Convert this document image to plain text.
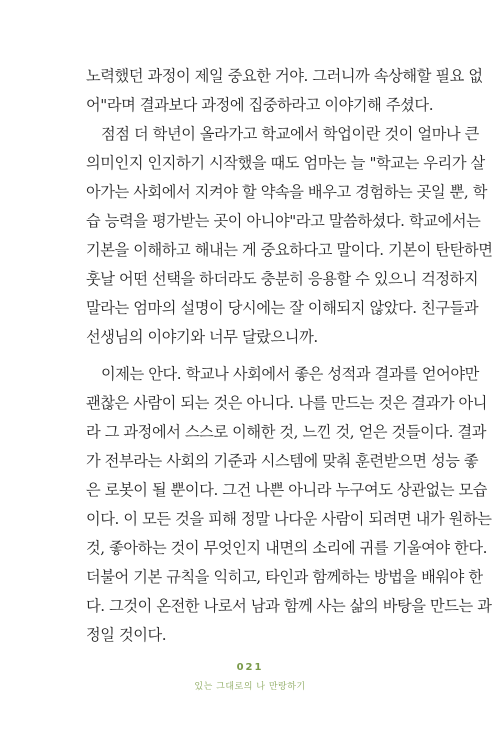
노력했던 과정이 제일 중요한 거야. 그러니까 속상해할 필요 없
어"라며 결과보다 과정에 집중하라고 이야기해 주셨다.
점점 더 학년이 올라가고 학교에서 학업이란 것이 얼마나 큰
의미인지 인지하기 시작했을 때도 엄마는 늘 "학교는 우리가 살
아가는 사회에서 지켜야 할 약속을 배우고 경험하는 곳일 뿐, 학
습 능력을 평가받는 곳이 아니야"라고 말씀하셨다. 학교에서는
기본을 이해하고 해내는 게 중요하다고 말이다. 기본이 탄탄하면
훗날 어떤 선택을 하더라도 충분히 응용할 수 있으니 걱정하지
말라는 엄마의 설명이 당시에는 잘 이해되지 않았다. 친구들과
선생님의 이야기와 너무 달랐으니까.
이제는 안다. 학교나 사회에서 좋은 성적과 결과를 얻어야만
괜찮은 사람이 되는 것은 아니다. 나를 만드는 것은 결과가 아니
라 그 과정에서 스스로 이해한 것, 느낀 것, 얻은 것들이다. 결과
가 전부라는 사회의 기준과 시스템에 맞춰 훈련받으면 성능 좋
은 로봇이 될 뿐이다. 그건 나쁜 아니라 누구여도 상관없는 모습
이다. 이 모든 것을 피해 정말 나다운 사람이 되려면 내가 원하는
것, 좋아하는 것이 무엇인지 내면의 소리에 귀를 기울여야 한다.
더불어 기본 규칙을 익히고, 타인과 함께하는 방법을 배워야 한
다. 그것이 온전한 나로서 남과 함께 사는 삶의 바탕을 만드는 과
정일 것이다.
021
있는 그대로의 나 만랑하기
